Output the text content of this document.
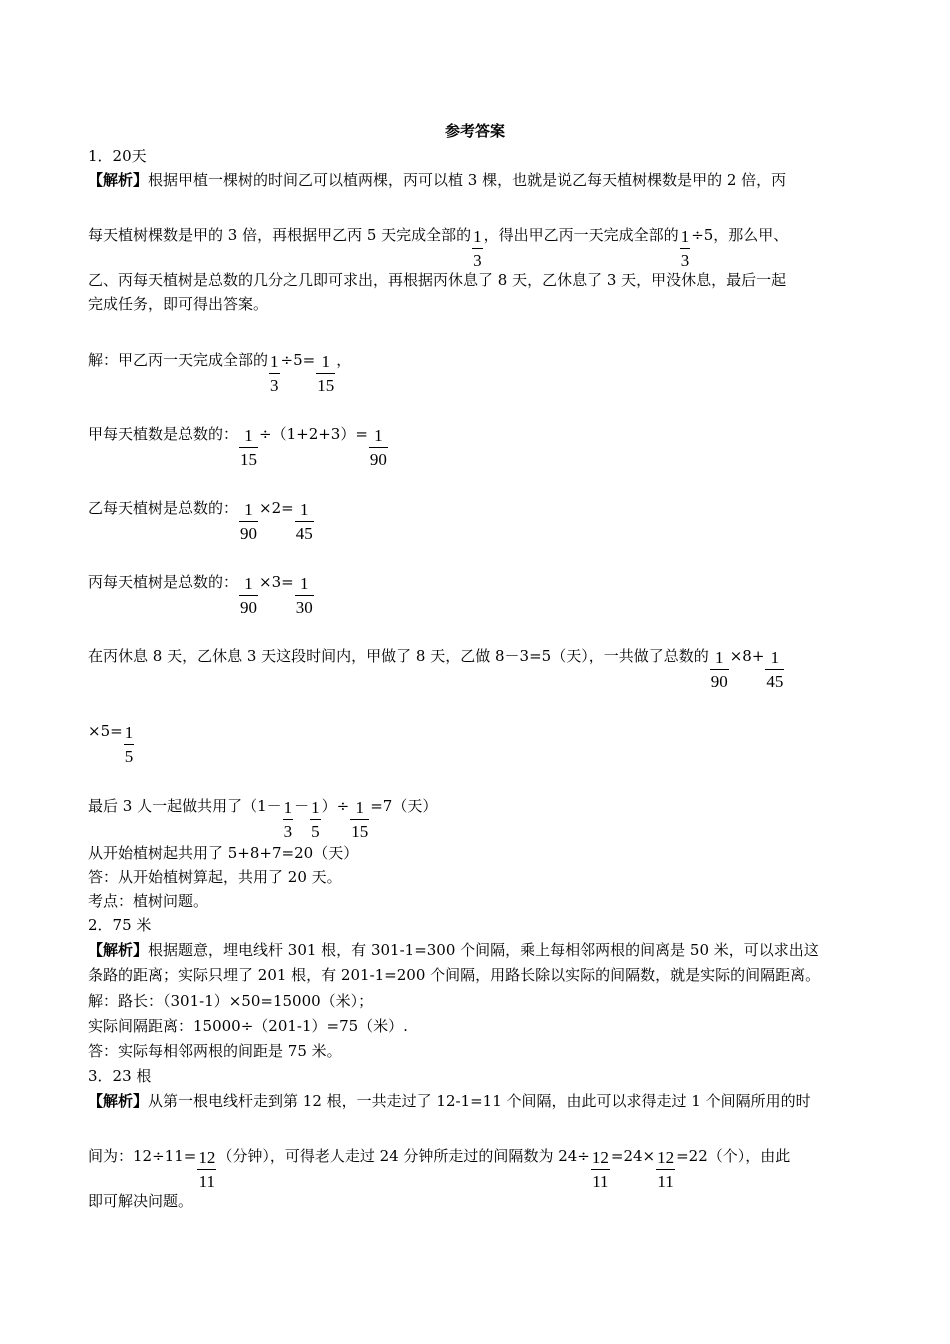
参考答案
1．20天
【解析】根据甲植一棵树的时间乙可以植两棵，丙可以植 3 棵，也就是说乙每天植树棵数是甲的 2 倍，丙
每天植树棵数是甲的 3 倍，再根据甲乙丙 5 天完成全部的 $\frac{1}{3}$ ，得出甲乙丙一天完成全部的 $\frac{1}{3} \div 5$，那么甲、
乙、丙每天植树是总数的几分之几即可求出，再根据丙休息了 8 天，乙休息了 3 天，甲没休息，最后一起
完成任务，即可得出答案。
解：甲乙丙一天完成全部的 $\frac{1}{3} \div 5= \frac{1}{15}$ ，
甲每天植数是总数的： $\frac{1}{15} \div(1+2+3)= \frac{1}{90}$
乙每天植树是总数的： $\frac{1}{90} \times 2= \frac{1}{45}$
丙每天植树是总数的： $\frac{1}{90} \times 3= \frac{1}{30}$
在丙休息 8 天，乙休息 3 天这段时间内，甲做了 8 天，乙做 8－3=5（天），一共做了总数的 $\frac{1}{90} \times 8+ \frac{1}{45}$
$\times 5= \frac{1}{5}$
最后 3 人一起做共用了（$1- \frac{1}{3} - \frac{1}{5}$ ）÷ $\frac{1}{15} =7$（天）
从开始植树起共用了 5+8+7=20（天）
答：从开始植树算起，共用了 20 天。
考点：植树问题。
2．75 米
【解析】根据题意，埋电线杆 301 根，有 301-1=300 个间隔，乘上每相邻两根的间离是 50 米，可以求出这
条路的距离；实际只埋了 201 根，有 201-1=200 个间隔，用路长除以实际的间隔数，就是实际的间隔距离。
解：路长：（301-1）×50=15000（米）；
实际间隔距离：15000÷（201-1）=75（米）.
答：实际每相邻两根的间距是 75 米。
3．23 根
【解析】从第一根电线杆走到第 12 根，一共走过了 12-1=11 个间隔，由此可以求得走过 1 个间隔所用的时
间为：$12\div 11= \frac{12}{11}$ （分钟），可得老人走过 24 分钟所走过的间隔数为 $24\div \frac{12}{11} =24\times \frac{12}{11} =22$（个），由此
即可解决问题。
